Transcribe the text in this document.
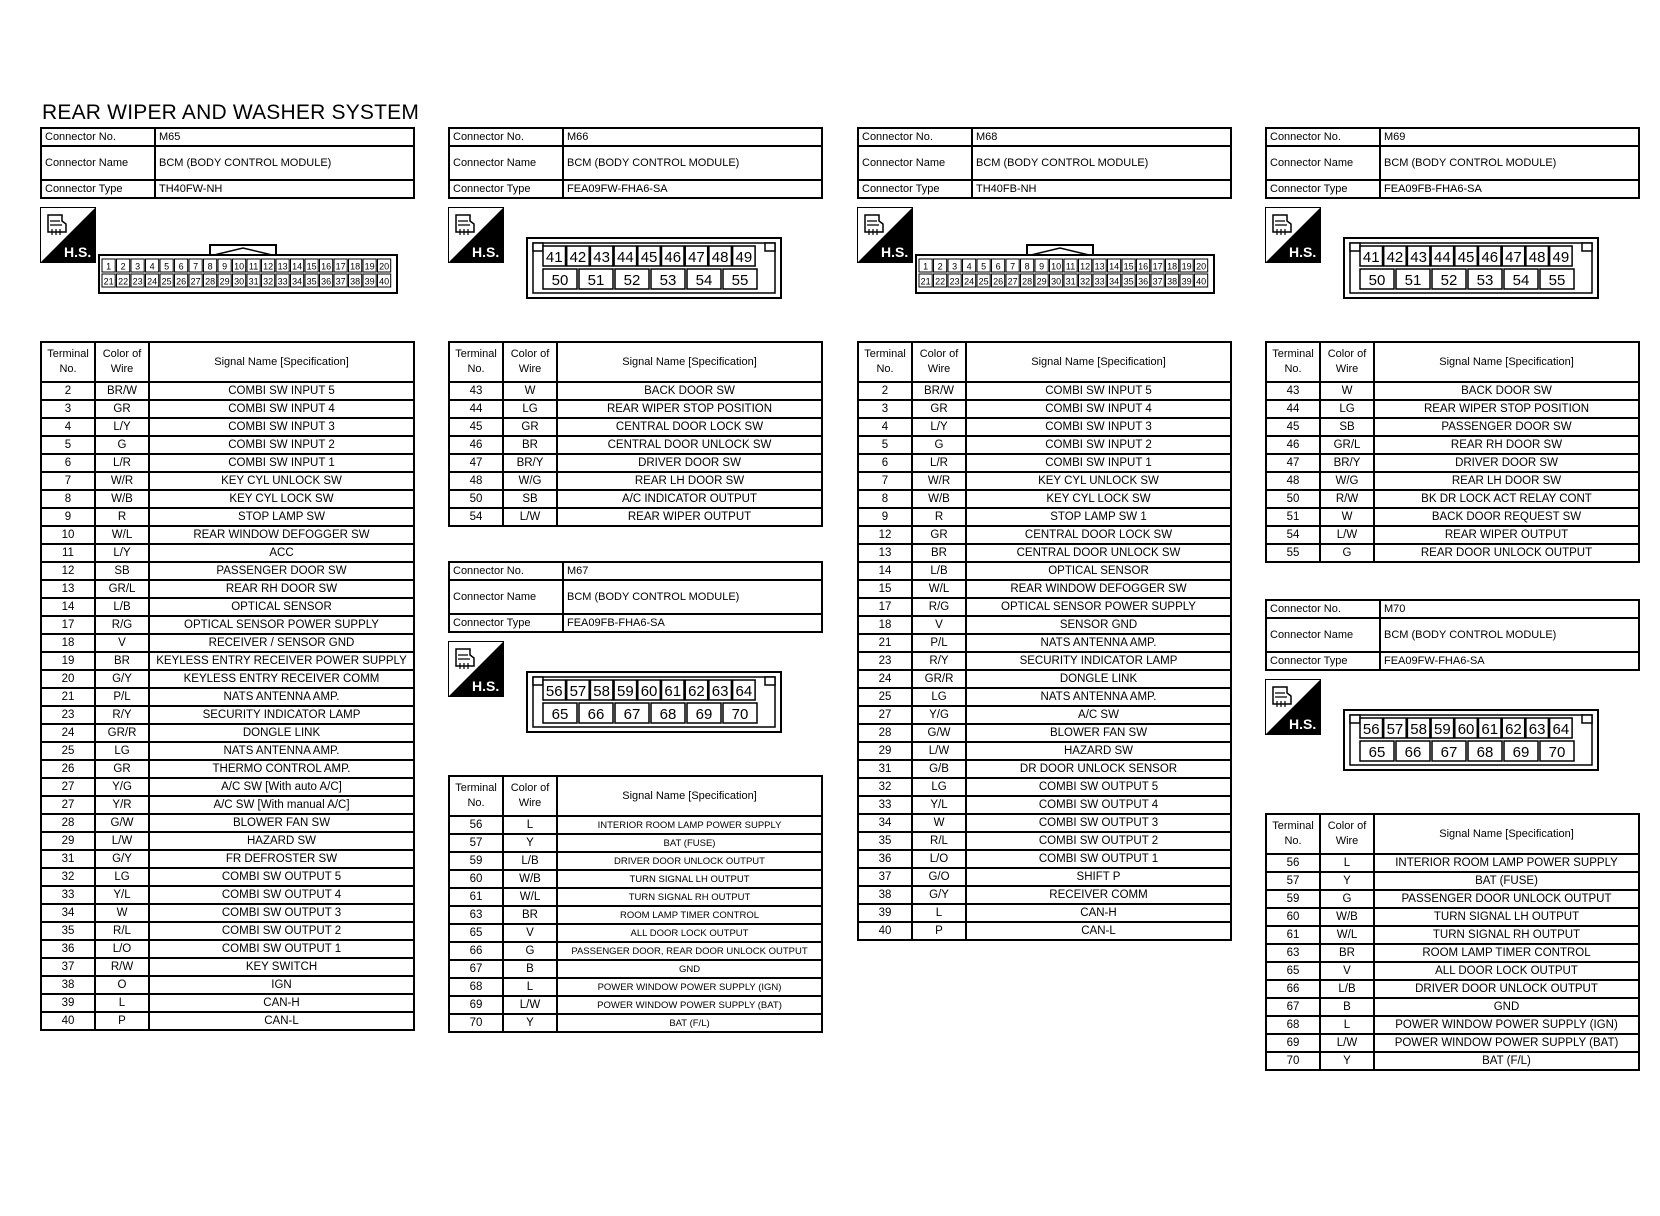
REAR WIPER AND WASHER SYSTEM
Connector No.	M65
Connector Name	BCM (BODY CONTROL MODULE)
Connector Type	TH40FW-NH
H.S.
1 2 3 4 5 6 7 8 9 10 11 12 13 14 15 16 17 18 19 20
21 22 23 24 25 26 27 28 29 30 31 32 33 34 35 36 37 38 39 40
Terminal No.	Color of Wire	Signal Name [Specification]
2	BR/W	COMBI SW INPUT 5
3	GR	COMBI SW INPUT 4
4	L/Y	COMBI SW INPUT 3
5	G	COMBI SW INPUT 2
6	L/R	COMBI SW INPUT 1
7	W/R	KEY CYL UNLOCK SW
8	W/B	KEY CYL LOCK SW
9	R	STOP LAMP SW
10	W/L	REAR WINDOW DEFOGGER SW
11	L/Y	ACC
12	SB	PASSENGER DOOR SW
13	GR/L	REAR RH DOOR SW
14	L/B	OPTICAL SENSOR
17	R/G	OPTICAL SENSOR POWER SUPPLY
18	V	RECEIVER / SENSOR GND
19	BR	KEYLESS ENTRY RECEIVER POWER SUPPLY
20	G/Y	KEYLESS ENTRY RECEIVER COMM
21	P/L	NATS ANTENNA AMP.
23	R/Y	SECURITY INDICATOR LAMP
24	GR/R	DONGLE LINK
25	LG	NATS ANTENNA AMP.
26	GR	THERMO CONTROL AMP.
27	Y/G	A/C SW [With auto A/C]
27	Y/R	A/C SW [With manual A/C]
28	G/W	BLOWER FAN SW
29	L/W	HAZARD SW
31	G/Y	FR DEFROSTER SW
32	LG	COMBI SW OUTPUT 5
33	Y/L	COMBI SW OUTPUT 4
34	W	COMBI SW OUTPUT 3
35	R/L	COMBI SW OUTPUT 2
36	L/O	COMBI SW OUTPUT 1
37	R/W	KEY SWITCH
38	O	IGN
39	L	CAN-H
40	P	CAN-L
Connector No.	M66
Connector Name	BCM (BODY CONTROL MODULE)
Connector Type	FEA09FW-FHA6-SA
H.S.	41 42 43 44 45 46 47 48 49
50 51 52 53 54 55
Terminal No.	Color of Wire	Signal Name [Specification]
43	W	BACK DOOR SW
44	LG	REAR WIPER STOP POSITION
45	GR	CENTRAL DOOR LOCK SW
46	BR	CENTRAL DOOR UNLOCK SW
47	BR/Y	DRIVER DOOR SW
48	W/G	REAR LH DOOR SW
50	SB	A/C INDICATOR OUTPUT
54	L/W	REAR WIPER OUTPUT
Connector No.	M67
Connector Name	BCM (BODY CONTROL MODULE)
Connector Type	FEA09FB-FHA6-SA
H.S.	56 57 58 59 60 61 62 63 64
65 66 67 68 69 70
Terminal No.	Color of Wire	Signal Name [Specification]
56	L	INTERIOR ROOM LAMP POWER SUPPLY
57	Y	BAT (FUSE)
59	L/B	DRIVER DOOR UNLOCK OUTPUT
60	W/B	TURN SIGNAL LH OUTPUT
61	W/L	TURN SIGNAL RH OUTPUT
63	BR	ROOM LAMP TIMER CONTROL
65	V	ALL DOOR LOCK OUTPUT
66	G	PASSENGER DOOR, REAR DOOR UNLOCK OUTPUT
67	B	GND
68	L	POWER WINDOW POWER SUPPLY (IGN)
69	L/W	POWER WINDOW POWER SUPPLY (BAT)
70	Y	BAT (F/L)
Connector No.	M68
Connector Name	BCM (BODY CONTROL MODULE)
Connector Type	TH40FB-NH
H.S.
1 2 3 4 5 6 7 8 9 10 11 12 13 14 15 16 17 18 19 20
21 22 23 24 25 26 27 28 29 30 31 32 33 34 35 36 37 38 39 40
Terminal No.	Color of Wire	Signal Name [Specification]
2	BR/W	COMBI SW INPUT 5
3	GR	COMBI SW INPUT 4
4	L/Y	COMBI SW INPUT 3
5	G	COMBI SW INPUT 2
6	L/R	COMBI SW INPUT 1
7	W/R	KEY CYL UNLOCK SW
8	W/B	KEY CYL LOCK SW
9	R	STOP LAMP SW 1
12	GR	CENTRAL DOOR LOCK SW
13	BR	CENTRAL DOOR UNLOCK SW
14	L/B	OPTICAL SENSOR
15	W/L	REAR WINDOW DEFOGGER SW
17	R/G	OPTICAL SENSOR POWER SUPPLY
18	V	SENSOR GND
21	P/L	NATS ANTENNA AMP.
23	R/Y	SECURITY INDICATOR LAMP
24	GR/R	DONGLE LINK
25	LG	NATS ANTENNA AMP.
27	Y/G	A/C SW
28	G/W	BLOWER FAN SW
29	L/W	HAZARD SW
31	G/B	DR DOOR UNLOCK SENSOR
32	LG	COMBI SW OUTPUT 5
33	Y/L	COMBI SW OUTPUT 4
34	W	COMBI SW OUTPUT 3
35	R/L	COMBI SW OUTPUT 2
36	L/O	COMBI SW OUTPUT 1
37	G/O	SHIFT P
38	G/Y	RECEIVER COMM
39	L	CAN-H
40	P	CAN-L
Connector No.	M69
Connector Name	BCM (BODY CONTROL MODULE)
Connector Type	FEA09FB-FHA6-SA
H.S.	41 42 43 44 45 46 47 48 49
50 51 52 53 54 55
Terminal No.	Color of Wire	Signal Name [Specification]
43	W	BACK DOOR SW
44	LG	REAR WIPER STOP POSITION
45	SB	PASSENGER DOOR SW
46	GR/L	REAR RH DOOR SW
47	BR/Y	DRIVER DOOR SW
48	W/G	REAR LH DOOR SW
50	R/W	BK DR LOCK ACT RELAY CONT
51	W	BACK DOOR REQUEST SW
54	L/W	REAR WIPER OUTPUT
55	G	REAR DOOR UNLOCK OUTPUT
Connector No.	M70
Connector Name	BCM (BODY CONTROL MODULE)
Connector Type	FEA09FW-FHA6-SA
H.S.	56 57 58 59 60 61 62 63 64
65 66 67 68 69 70
Terminal No.	Color of Wire	Signal Name [Specification]
56	L	INTERIOR ROOM LAMP POWER SUPPLY
57	Y	BAT (FUSE)
59	G	PASSENGER DOOR UNLOCK OUTPUT
60	W/B	TURN SIGNAL LH OUTPUT
61	W/L	TURN SIGNAL RH OUTPUT
63	BR	ROOM LAMP TIMER CONTROL
65	V	ALL DOOR LOCK OUTPUT
66	L/B	DRIVER DOOR UNLOCK OUTPUT
67	B	GND
68	L	POWER WINDOW POWER SUPPLY (IGN)
69	L/W	POWER WINDOW POWER SUPPLY (BAT)
70	Y	BAT (F/L)
